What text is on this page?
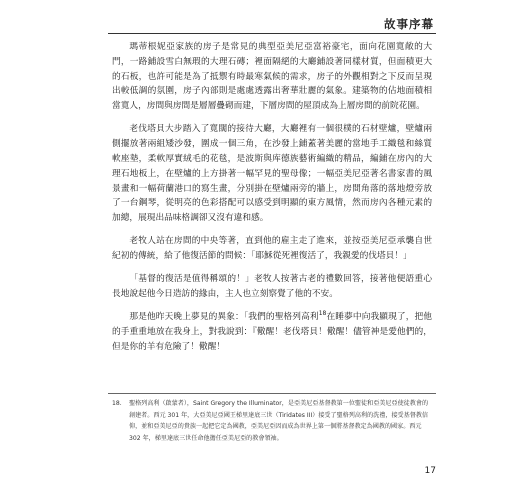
故事序幕

瑪蒂根妮亞家族的房子是常見的典型亞美尼亞富裕豪宅，面向花園寬敞的大門，一路鋪設雪白無瑕的大理石磚；裡面隔絕的大廳鋪設著同樣材質，但面積更大的石板，也許可能是為了抵禦有時最寒氣候的需求，房子的外觀相對之下反而呈現出較低調的氛圍，房子內部則是處處透露出奢華壯麗的氣象。建築物的佔地面積相當寬人，房間與房間是層層疊砌而建，下層房間的屋頂成為上層房間的前院花園。

老伐塔貝大步踏入了寬闊的接待大廳，大廳裡有一個很樸的石材壁爐，壁爐兩側擺放著兩組矮沙發，圍成一個三角，在沙發上鋪蓋著美麗的當地手工織毯和絲質軟座墊，柔軟厚實絨毛的花毯，是波斯與库德族藝術編織的精品，編鋪在房內的大理石地板上，在壁爐的上方掛著一幅罕見的聖母像；一幅亞美尼亞著名書家書的風景畫和一幅荷蘭港口的寫生畫，分別掛在壁爐兩旁的牆上，房間角落的落地燈旁放了一台鋼琴，從明亮的色彩搭配可以感受到明顯的東方風情，然而房內各種元素的加總，展現出品味格調卻又沒有違和感。

老牧人站在房間的中央等著，直到他的雇主走了進來，並按亞美尼亞承襲自世紀初的傳統，給了他復活節的問候：「耶穌從死裡復活了，我親愛的伐塔貝！」

「基督的復活是值得稱頌的！」老牧人按著古老的禮數回答，接著他便語重心長地說起他今日造訪的緣由，主人也立刻察覺了他的不安。

那是他昨天晚上夢見的異象：「我們的聖格列高利$^{18}$在睡夢中向我顯現了，把他的手重重地放在我身上，對我說到：『儆醒！老伐塔貝！儆醒！儘管神是愛他們的，但是你的羊有危險了！儆醒！

18.	聖格列高利（啟蒙者），Saint Gregory the Illuminator，是亞美尼亞基督教第一位聖徒和亞美尼亞使徒教會的創建者。西元 301 年，大亞美尼亞國王梯里達底三世（Tiridates III）接受了聖格列高利的洗禮，接受基督教信仰，並和亞美尼亞的貴族一起把它定為國教，亞美尼亞因而成為世界上第一個將基督教定為國教的國家。西元 302 年，梯里達底三世任命他擔任亞美尼亞的教會領袖。
17
